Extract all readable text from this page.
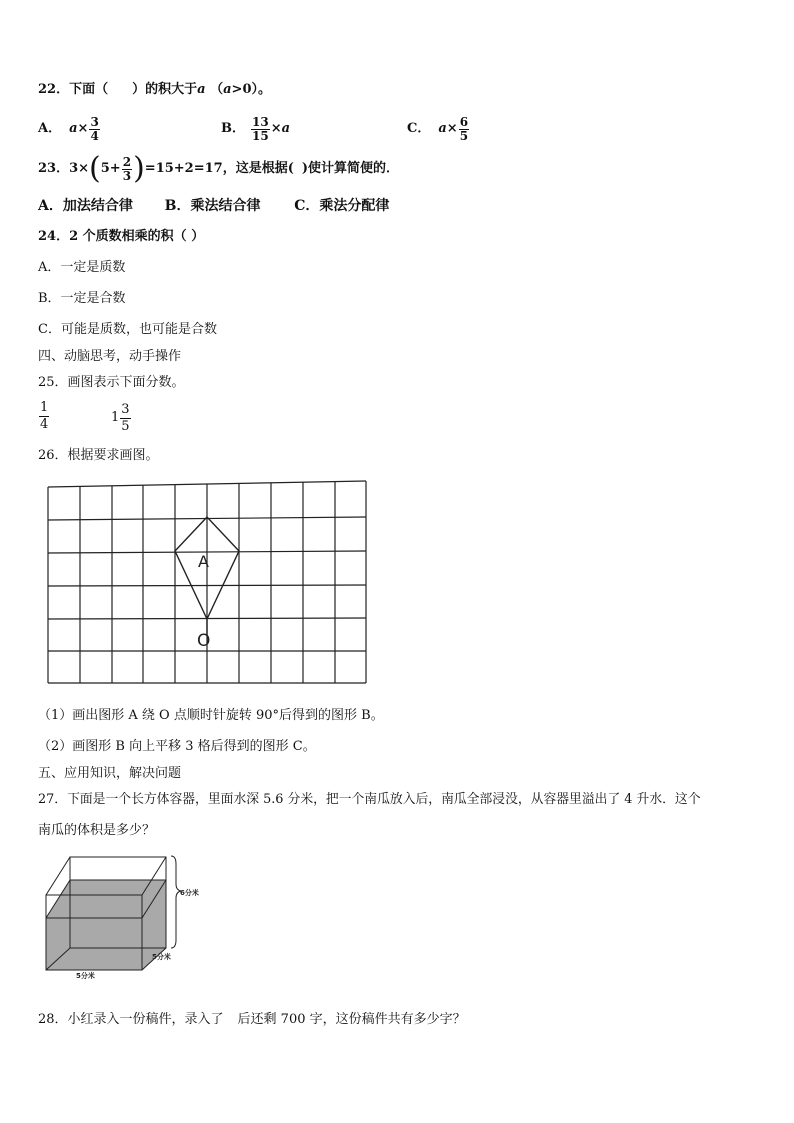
22．下面（ ）的积大于a （a>0）。
A． $a \times \frac{3}{4}$	B． $\frac{13}{15} \times a$	C． $a \times \frac{6}{5}$
23． 3× ( $5+ \frac{2}{3}$ ) =15+2=17，这是根据( )使计算简便的．
A．加法结合律 B．乘法结合律 C．乘法分配律
24．2 个质数相乘的积（ ）
A．一定是质数
B．一定是合数
C．可能是质数，也可能是合数
四、动脑思考，动手操作
25．画图表示下面分数。
$\frac{1}{4}$	$1 \frac{3}{5}$
26．根据要求画图。
A
O
（1）画出图形 A 绕 O 点顺时针旋转 90°后得到的图形 B。
（2）画图形 B 向上平移 3 格后得到的图形 C。
五、应用知识，解决问题
27．下面是一个长方体容器，里面水深 5.6 分米，把一个南瓜放入后，南瓜全部浸没，从容器里溢出了 4 升水．这个
南瓜的体积是多少？
6分米
5分米
5分米
28．小红录入一份稿件，录入了 后还剩 700 字，这份稿件共有多少字？
